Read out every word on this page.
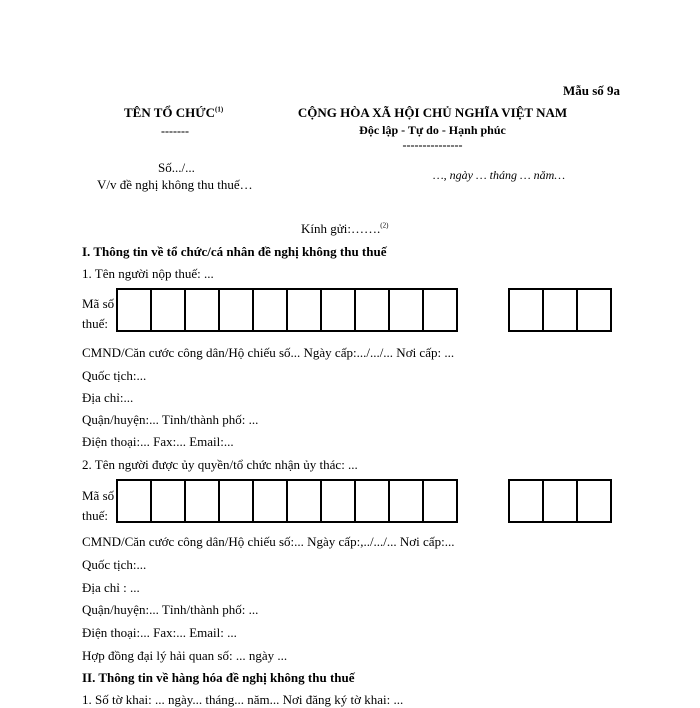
Mẫu số 9a
TÊN TỔ CHỨC$^{(1)}$
-------
CỘNG HÒA XÃ HỘI CHỦ NGHĨA VIỆT NAM
Độc lập - Tự do - Hạnh phúc
---------------
Số.../...
V/v đề nghị không thu thuế…
…, ngày … tháng … năm…
Kính gửi:…….$^{(2)}$
I. Thông tin về tổ chức/cá nhân đề nghị không thu thuế
1. Tên người nộp thuế: ...
Mã số
thuế:
CMND/Căn cước công dân/Hộ chiếu số... Ngày cấp:.../.../... Nơi cấp: ...
Quốc tịch:...
Địa chỉ:...
Quận/huyện:... Tỉnh/thành phố: ...
Điện thoại:... Fax:... Email:...
2. Tên người được ủy quyền/tổ chức nhận ủy thác: ...
Mã số
thuế:
CMND/Căn cước công dân/Hộ chiếu số:... Ngày cấp:,../.../... Nơi cấp:...
Quốc tịch:...
Địa chỉ : ...
Quận/huyện:... Tỉnh/thành phố: ...
Điện thoại:... Fax:... Email: ...
Hợp đồng đại lý hải quan số: ... ngày ...
II. Thông tin về hàng hóa đề nghị không thu thuế
1. Số tờ khai: ... ngày... tháng... năm... Nơi đăng ký tờ khai: ...
